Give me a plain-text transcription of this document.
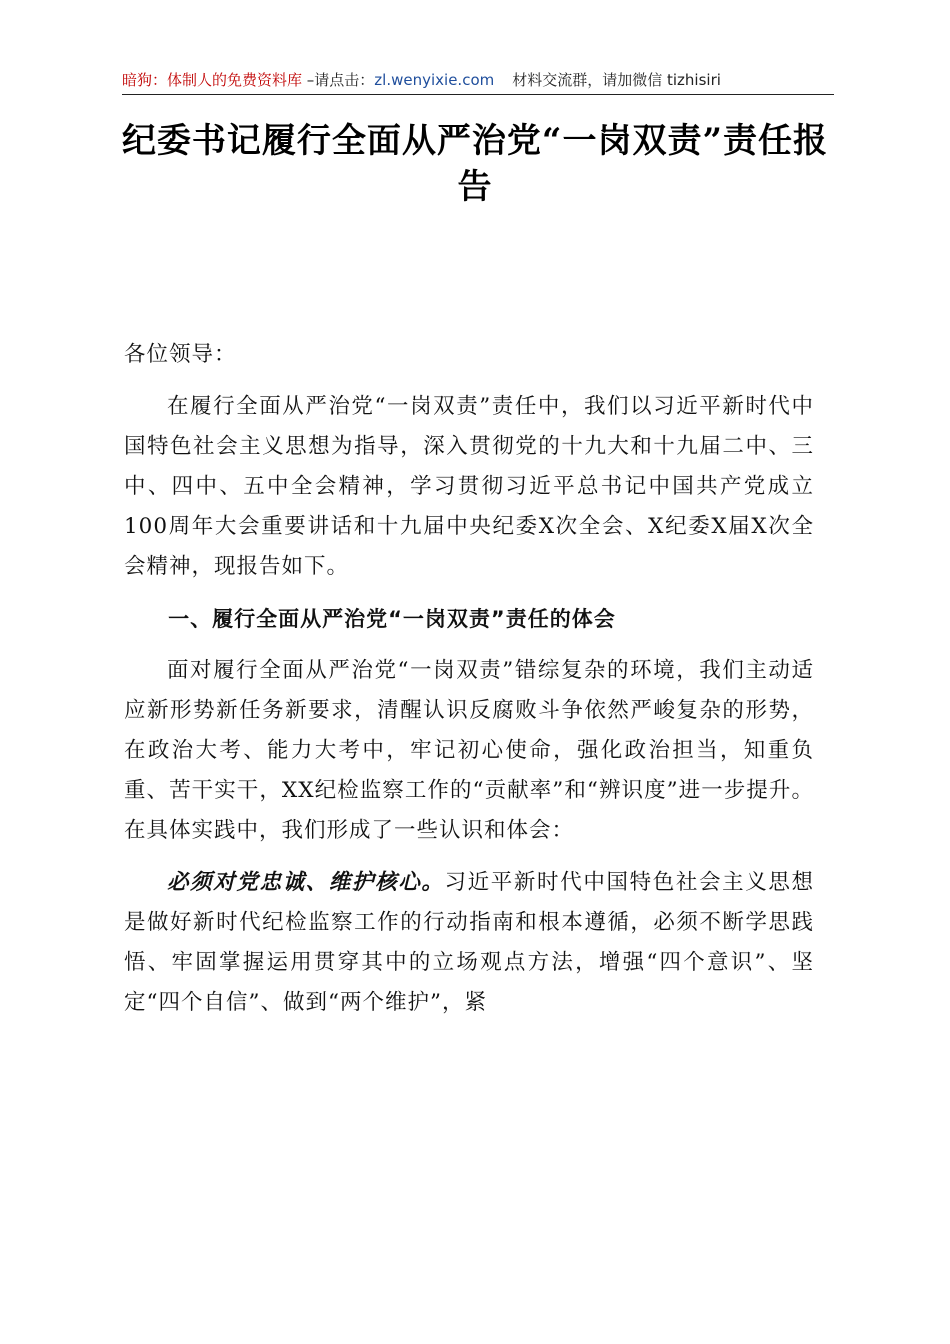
暗狗：体制人的免费资料库 –请点击：zl.wenyixie.com 材料交流群，请加微信 tizhisiri
纪委书记履行全面从严治党“一岗双责”责任报告

各位领导：

在履行全面从严治党“一岗双责”责任中，我们以习近平新时代中国特色社会主义思想为指导，深入贯彻党的十九大和十九届二中、三中、四中、五中全会精神，学习贯彻习近平总书记中国共产党成立100周年大会重要讲话和十九届中央纪委X次全会、X纪委X届X次全会精神，现报告如下。

一、履行全面从严治党“一岗双责”责任的体会

面对履行全面从严治党“一岗双责”错综复杂的环境，我们主动适应新形势新任务新要求，清醒认识反腐败斗争依然严峻复杂的形势，在政治大考、能力大考中，牢记初心使命，强化政治担当，知重负重、苦干实干，XX纪检监察工作的“贡献率”和“辨识度”进一步提升。在具体实践中，我们形成了一些认识和体会：

必须对党忠诚、维护核心。习近平新时代中国特色社会主义思想是做好新时代纪检监察工作的行动指南和根本遵循，必须不断学思践悟、牢固掌握运用贯穿其中的立场观点方法，增强“四个意识”、坚定“四个自信”、做到“两个维护”，紧
